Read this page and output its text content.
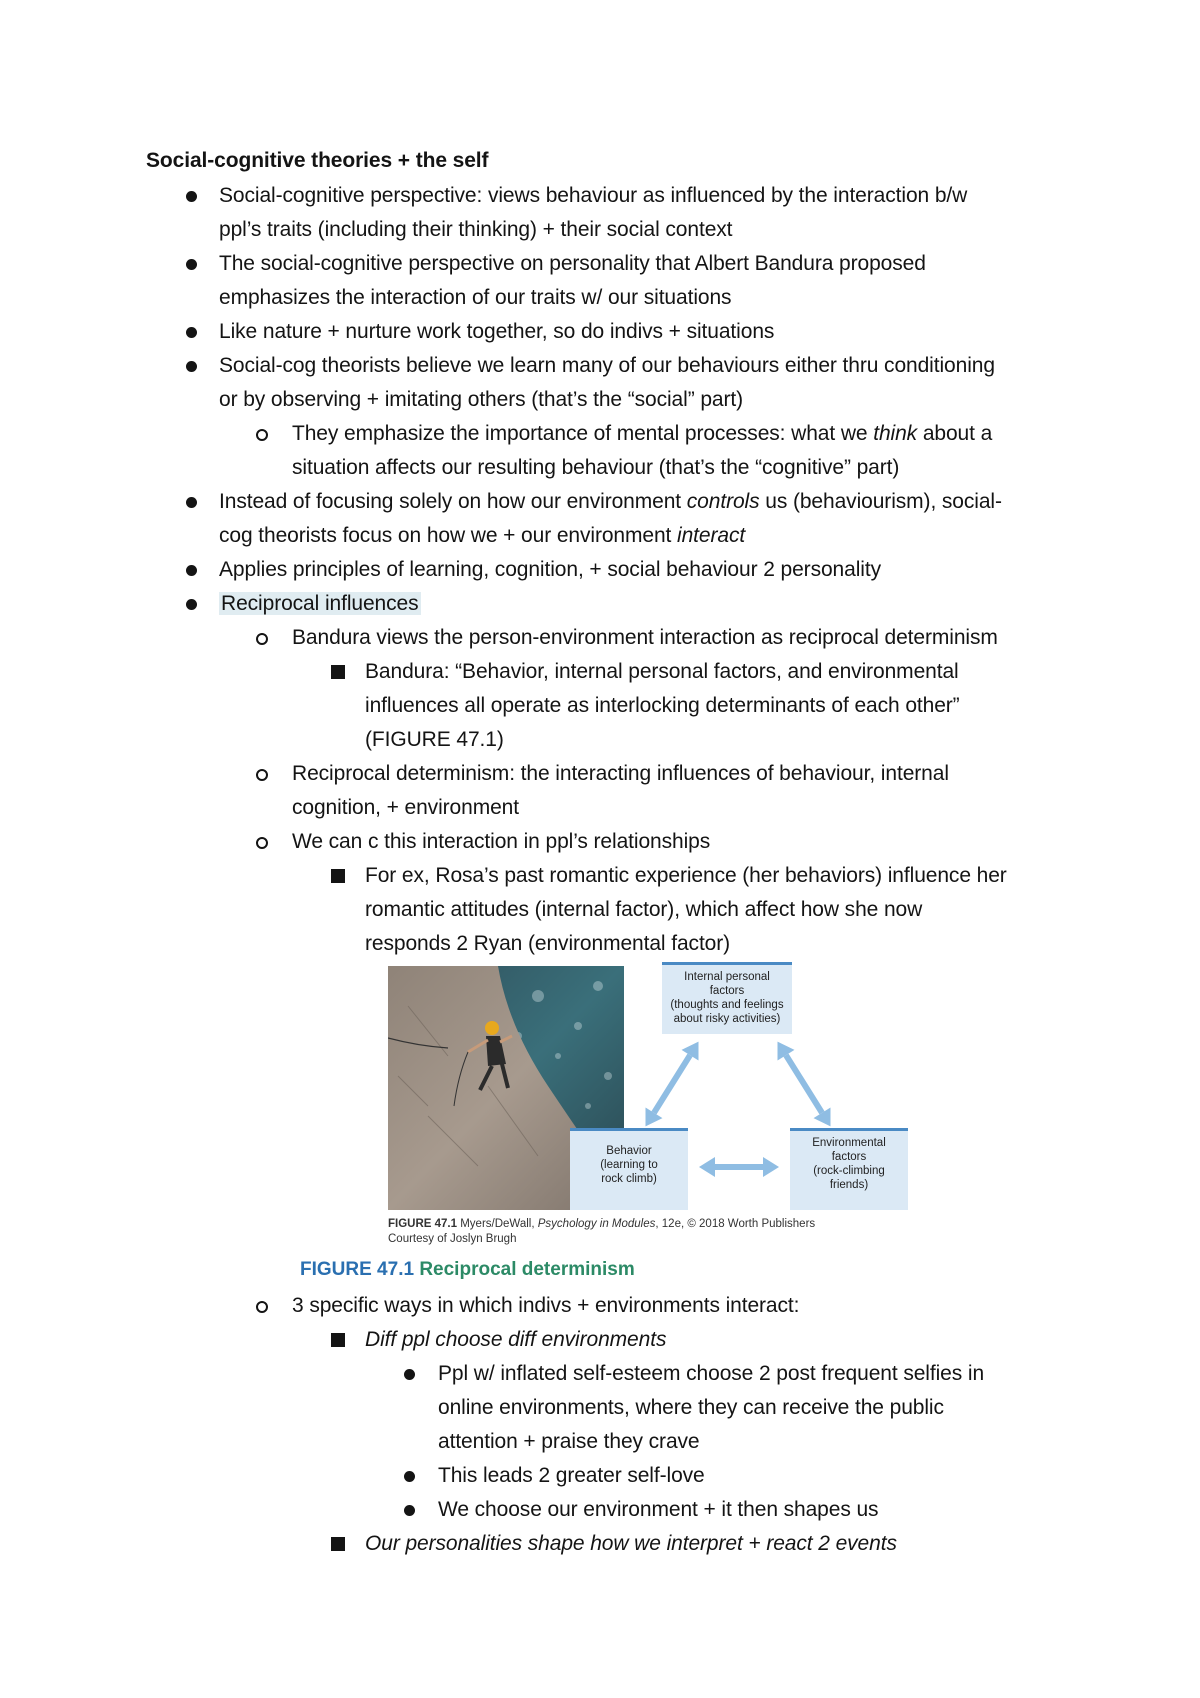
Social-cognitive theories + the self
Social-cognitive perspective: views behaviour as influenced by the interaction b/w
ppl’s traits (including their thinking) + their social context
The social-cognitive perspective on personality that Albert Bandura proposed
emphasizes the interaction of our traits w/ our situations
Like nature + nurture work together, so do indivs + situations
Social-cog theorists believe we learn many of our behaviours either thru conditioning
or by observing + imitating others (that’s the “social” part)
They emphasize the importance of mental processes: what we think about a
situation affects our resulting behaviour (that’s the “cognitive” part)
Instead of focusing solely on how our environment controls us (behaviourism), social-
cog theorists focus on how we + our environment interact
Applies principles of learning, cognition, + social behaviour 2 personality
Reciprocal influences
Bandura views the person-environment interaction as reciprocal determinism
Bandura: “Behavior, internal personal factors, and environmental
influences all operate as interlocking determinants of each other”
(FIGURE 47.1)
Reciprocal determinism: the interacting influences of behaviour, internal
cognition, + environment
We can c this interaction in ppl’s relationships
For ex, Rosa’s past romantic experience (her behaviors) influence her
romantic attitudes (internal factor), which affect how she now
responds 2 Ryan (environmental factor)
Internal personal
factors
(thoughts and feelings
about risky activities)
Behavior
(learning to
rock climb)
Environmental
factors
(rock-climbing
friends)
FIGURE 47.1 Myers/DeWall, Psychology in Modules, 12e, © 2018 Worth Publishers
Courtesy of Joslyn Brugh
FIGURE 47.1 Reciprocal determinism
3 specific ways in which indivs + environments interact:
Diff ppl choose diff environments
Ppl w/ inflated self-esteem choose 2 post frequent selfies in
online environments, where they can receive the public
attention + praise they crave
This leads 2 greater self-love
We choose our environment + it then shapes us
Our personalities shape how we interpret + react 2 events
